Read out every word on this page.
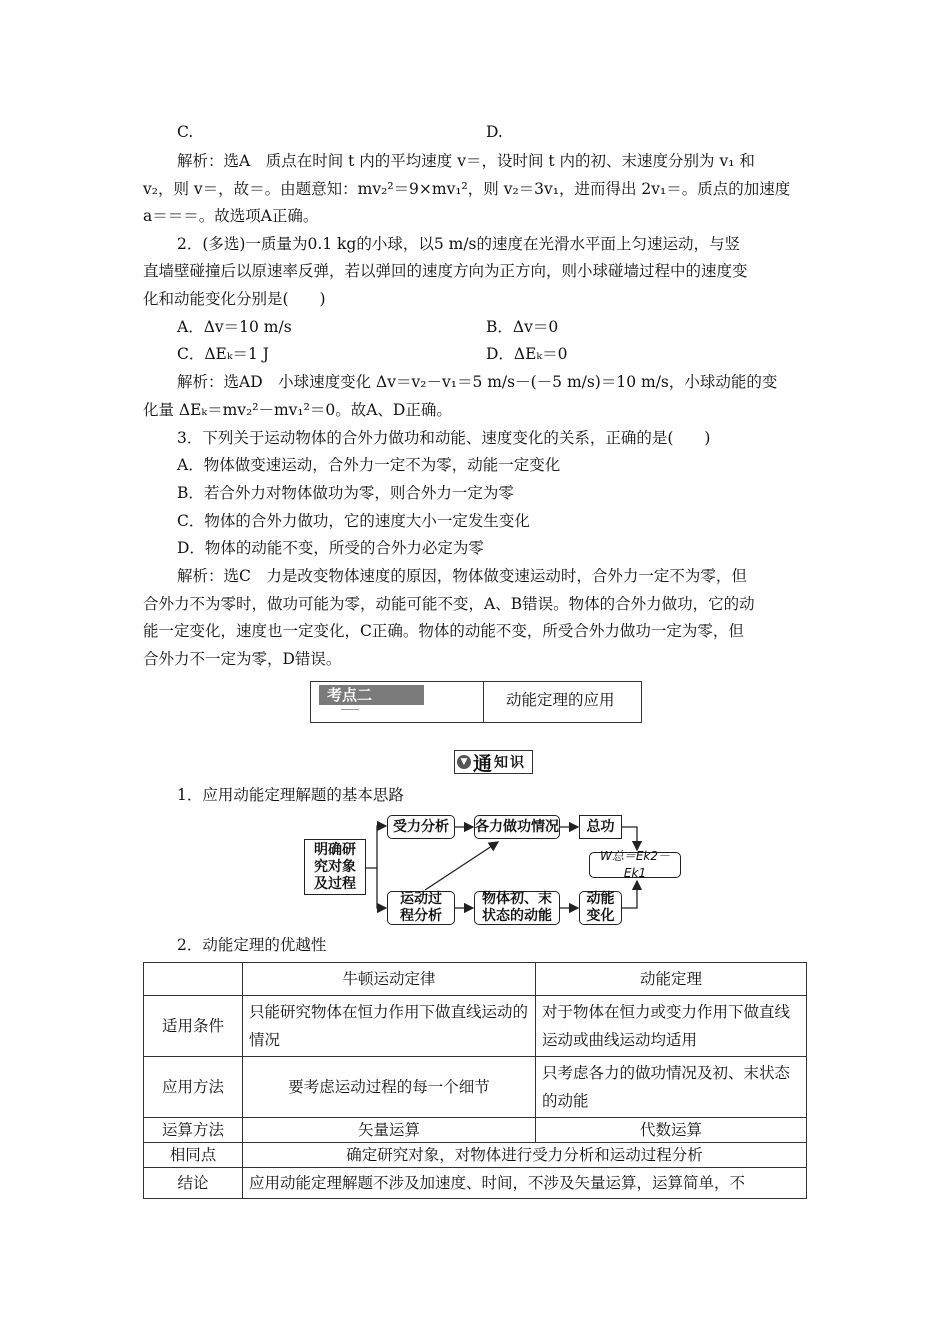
C.	D.
解析：选A　质点在时间 t 内的平均速度 v＝，设时间 t 内的初、末速度分别为 v₁ 和
v₂，则 v＝，故＝。由题意知：mv₂²＝9×mv₁²，则 v₂＝3v₁，进而得出 2v₁＝。质点的加速度
a＝＝＝。故选项A正确。
2．(多选)一质量为0.1 kg的小球，以5 m/s的速度在光滑水平面上匀速运动，与竖
直墙壁碰撞后以原速率反弹，若以弹回的速度方向为正方向，则小球碰墙过程中的速度变
化和动能变化分别是(　　)
A．Δv＝10 m/s	B．Δv＝0
C．ΔEₖ＝1 J	D．ΔEₖ＝0
解析：选AD　小球速度变化 Δv＝v₂－v₁＝5 m/s－(－5 m/s)＝10 m/s，小球动能的变
化量 ΔEₖ＝mv₂²－mv₁²＝0。故A、D正确。
3．下列关于运动物体的合外力做功和动能、速度变化的关系，正确的是(　　)
A．物体做变速运动，合外力一定不为零，动能一定变化
B．若合外力对物体做功为零，则合外力一定为零
C．物体的合外力做功，它的速度大小一定发生变化
D．物体的动能不变，所受的合外力必定为零
解析：选C　力是改变物体速度的原因，物体做变速运动时，合外力一定不为零，但
合外力不为零时，做功可能为零，动能可能不变，A、B错误。物体的合外力做功，它的动
能一定变化，速度也一定变化，C正确。物体的动能不变，所受合外力做功一定为零，但
合外力不一定为零，D错误。
考点二	动能定理的应用
▼ 通 知识
1．应用动能定理解题的基本思路
明确研究对象及过程
受力分析 各力做功情况 总功
W总＝Ek2－Ek1
运动过程分析
物体初、末状态的动能
动能变化
2．动能定理的优越性
	牛顿运动定律	动能定理
适用条件	只能研究物体在恒力作用下做直线运动的情况	对于物体在恒力或变力作用下做直线运动或曲线运动均适用
应用方法	要考虑运动过程的每一个细节	只考虑各力的做功情况及初、末状态的动能
运算方法	矢量运算	代数运算
相同点	确定研究对象，对物体进行受力分析和运动过程分析	
结论	应用动能定理解题不涉及加速度、时间，不涉及矢量运算，运算简单，不	
